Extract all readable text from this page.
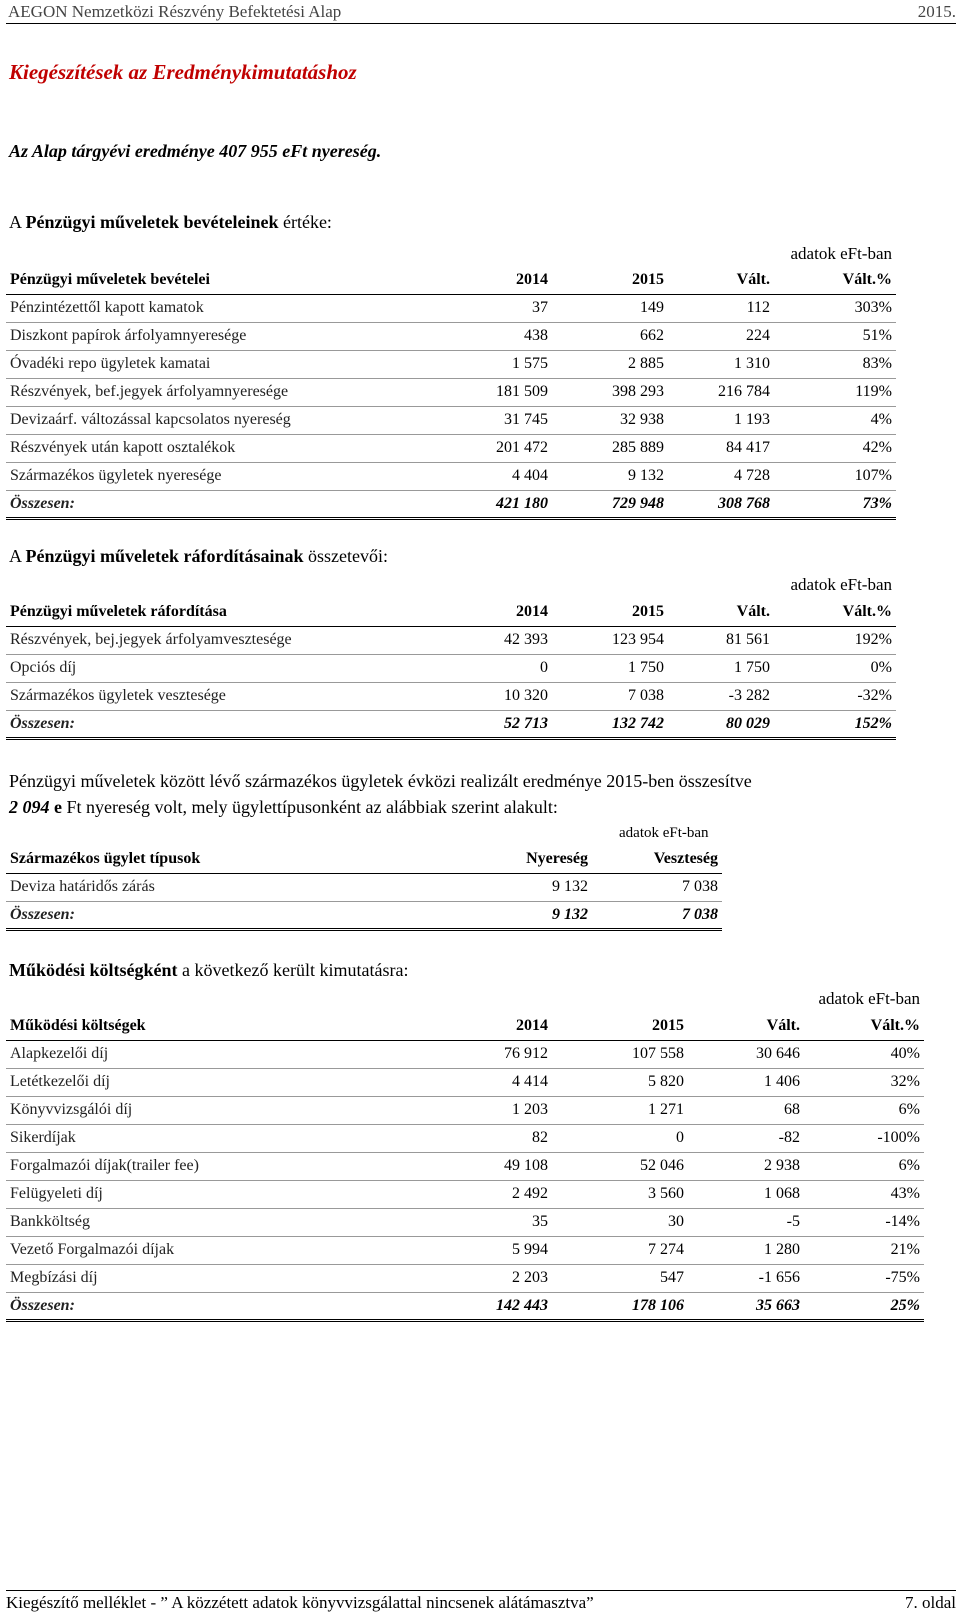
AEGON Nemzetközi Részvény Befektetési Alap	2015.
Kiegészítések az Eredménykimutatáshoz
Az Alap tárgyévi eredménye 407 955 eFt nyereség.
A Pénzügyi műveletek bevételeinek értéke:
adatok eFt-ban
Pénzügyi műveletek bevételei	2014	2015	Vált.	Vált.%
Pénzintézettől kapott kamatok	37	149	112	303%
Diszkont papírok árfolyamnyeresége	438	662	224	51%
Óvadéki repo ügyletek kamatai	1 575	2 885	1 310	83%
Részvények, bef.jegyek árfolyamnyeresége	181 509	398 293	216 784	119%
Devizaárf. változással kapcsolatos nyereség	31 745	32 938	1 193	4%
Részvények után kapott osztalékok	201 472	285 889	84 417	42%
Származékos ügyletek nyeresége	4 404	9 132	4 728	107%
Összesen:	421 180	729 948	308 768	73%
A Pénzügyi műveletek ráfordításainak összetevői:
adatok eFt-ban
Pénzügyi műveletek ráfordítása	2014	2015	Vált.	Vált.%
Részvények, bej.jegyek árfolyamvesztesége	42 393	123 954	81 561	192%
Opciós díj	0	1 750	1 750	0%
Származékos ügyletek vesztesége	10 320	7 038	-3 282	-32%
Összesen:	52 713	132 742	80 029	152%
Pénzügyi műveletek között lévő származékos ügyletek évközi realizált eredménye 2015-ben összesítve
2 094 e Ft nyereség volt, mely ügylettípusonként az alábbiak szerint alakult:
adatok eFt-ban
Származékos ügylet típusok	Nyereség	Veszteség
Deviza határidős zárás	9 132	7 038
Összesen:	9 132	7 038
Működési költségként a következő került kimutatásra:
adatok eFt-ban
Működési költségek	2014	2015	Vált.	Vált.%
Alapkezelői díj	76 912	107 558	30 646	40%
Letétkezelői díj	4 414	5 820	1 406	32%
Könyvvizsgálói díj	1 203	1 271	68	6%
Sikerdíjak	82	0	-82	-100%
Forgalmazói díjak(trailer fee)	49 108	52 046	2 938	6%
Felügyeleti díj	2 492	3 560	1 068	43%
Bankköltség	35	30	-5	-14%
Vezető Forgalmazói díjak	5 994	7 274	1 280	21%
Megbízási díj	2 203	547	-1 656	-75%
Összesen:	142 443	178 106	35 663	25%
Kiegészítő melléklet - ” A közzétett adatok könyvvizsgálattal nincsenek alátámasztva”	7. oldal
